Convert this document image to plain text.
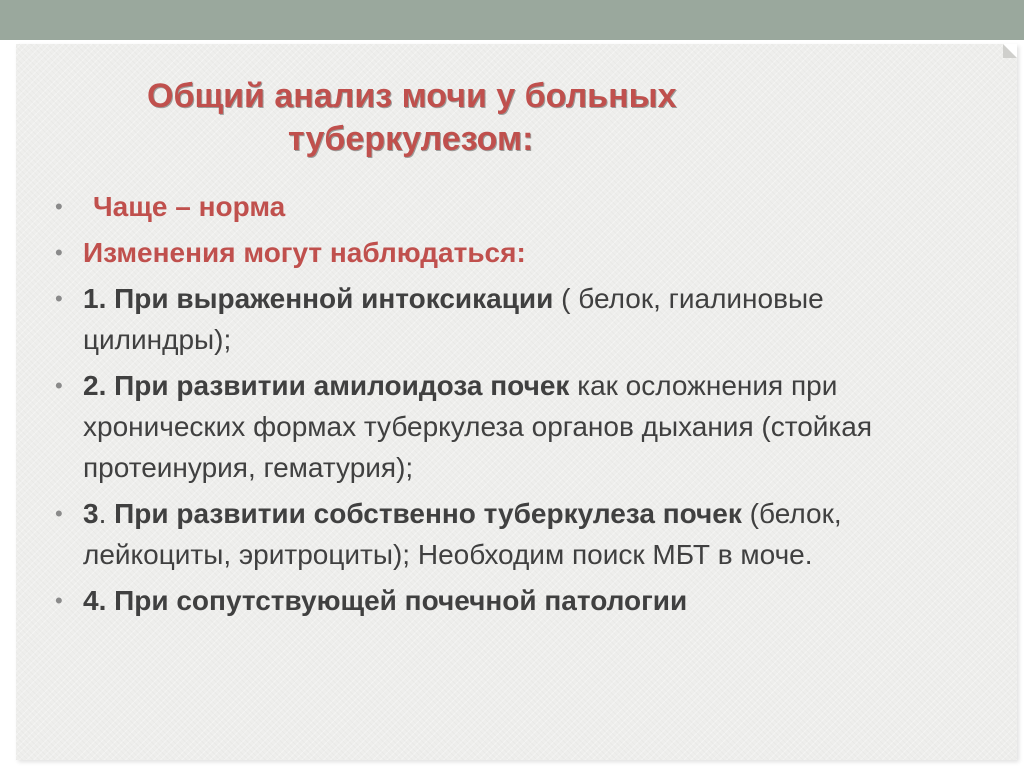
Общий анализ мочи у больных
туберкулезом:
• Чаще – норма
• Изменения могут наблюдаться:
• 1. При выраженной интоксикации ( белок, гиалиновые цилиндры);
• 2. При развитии амилоидоза почек как осложнения при хронических формах туберкулеза органов дыхания (стойкая протеинурия, гематурия);
• 3. При развитии собственно туберкулеза почек (белок, лейкоциты, эритроциты); Необходим поиск МБТ в моче.
• 4. При сопутствующей почечной патологии
